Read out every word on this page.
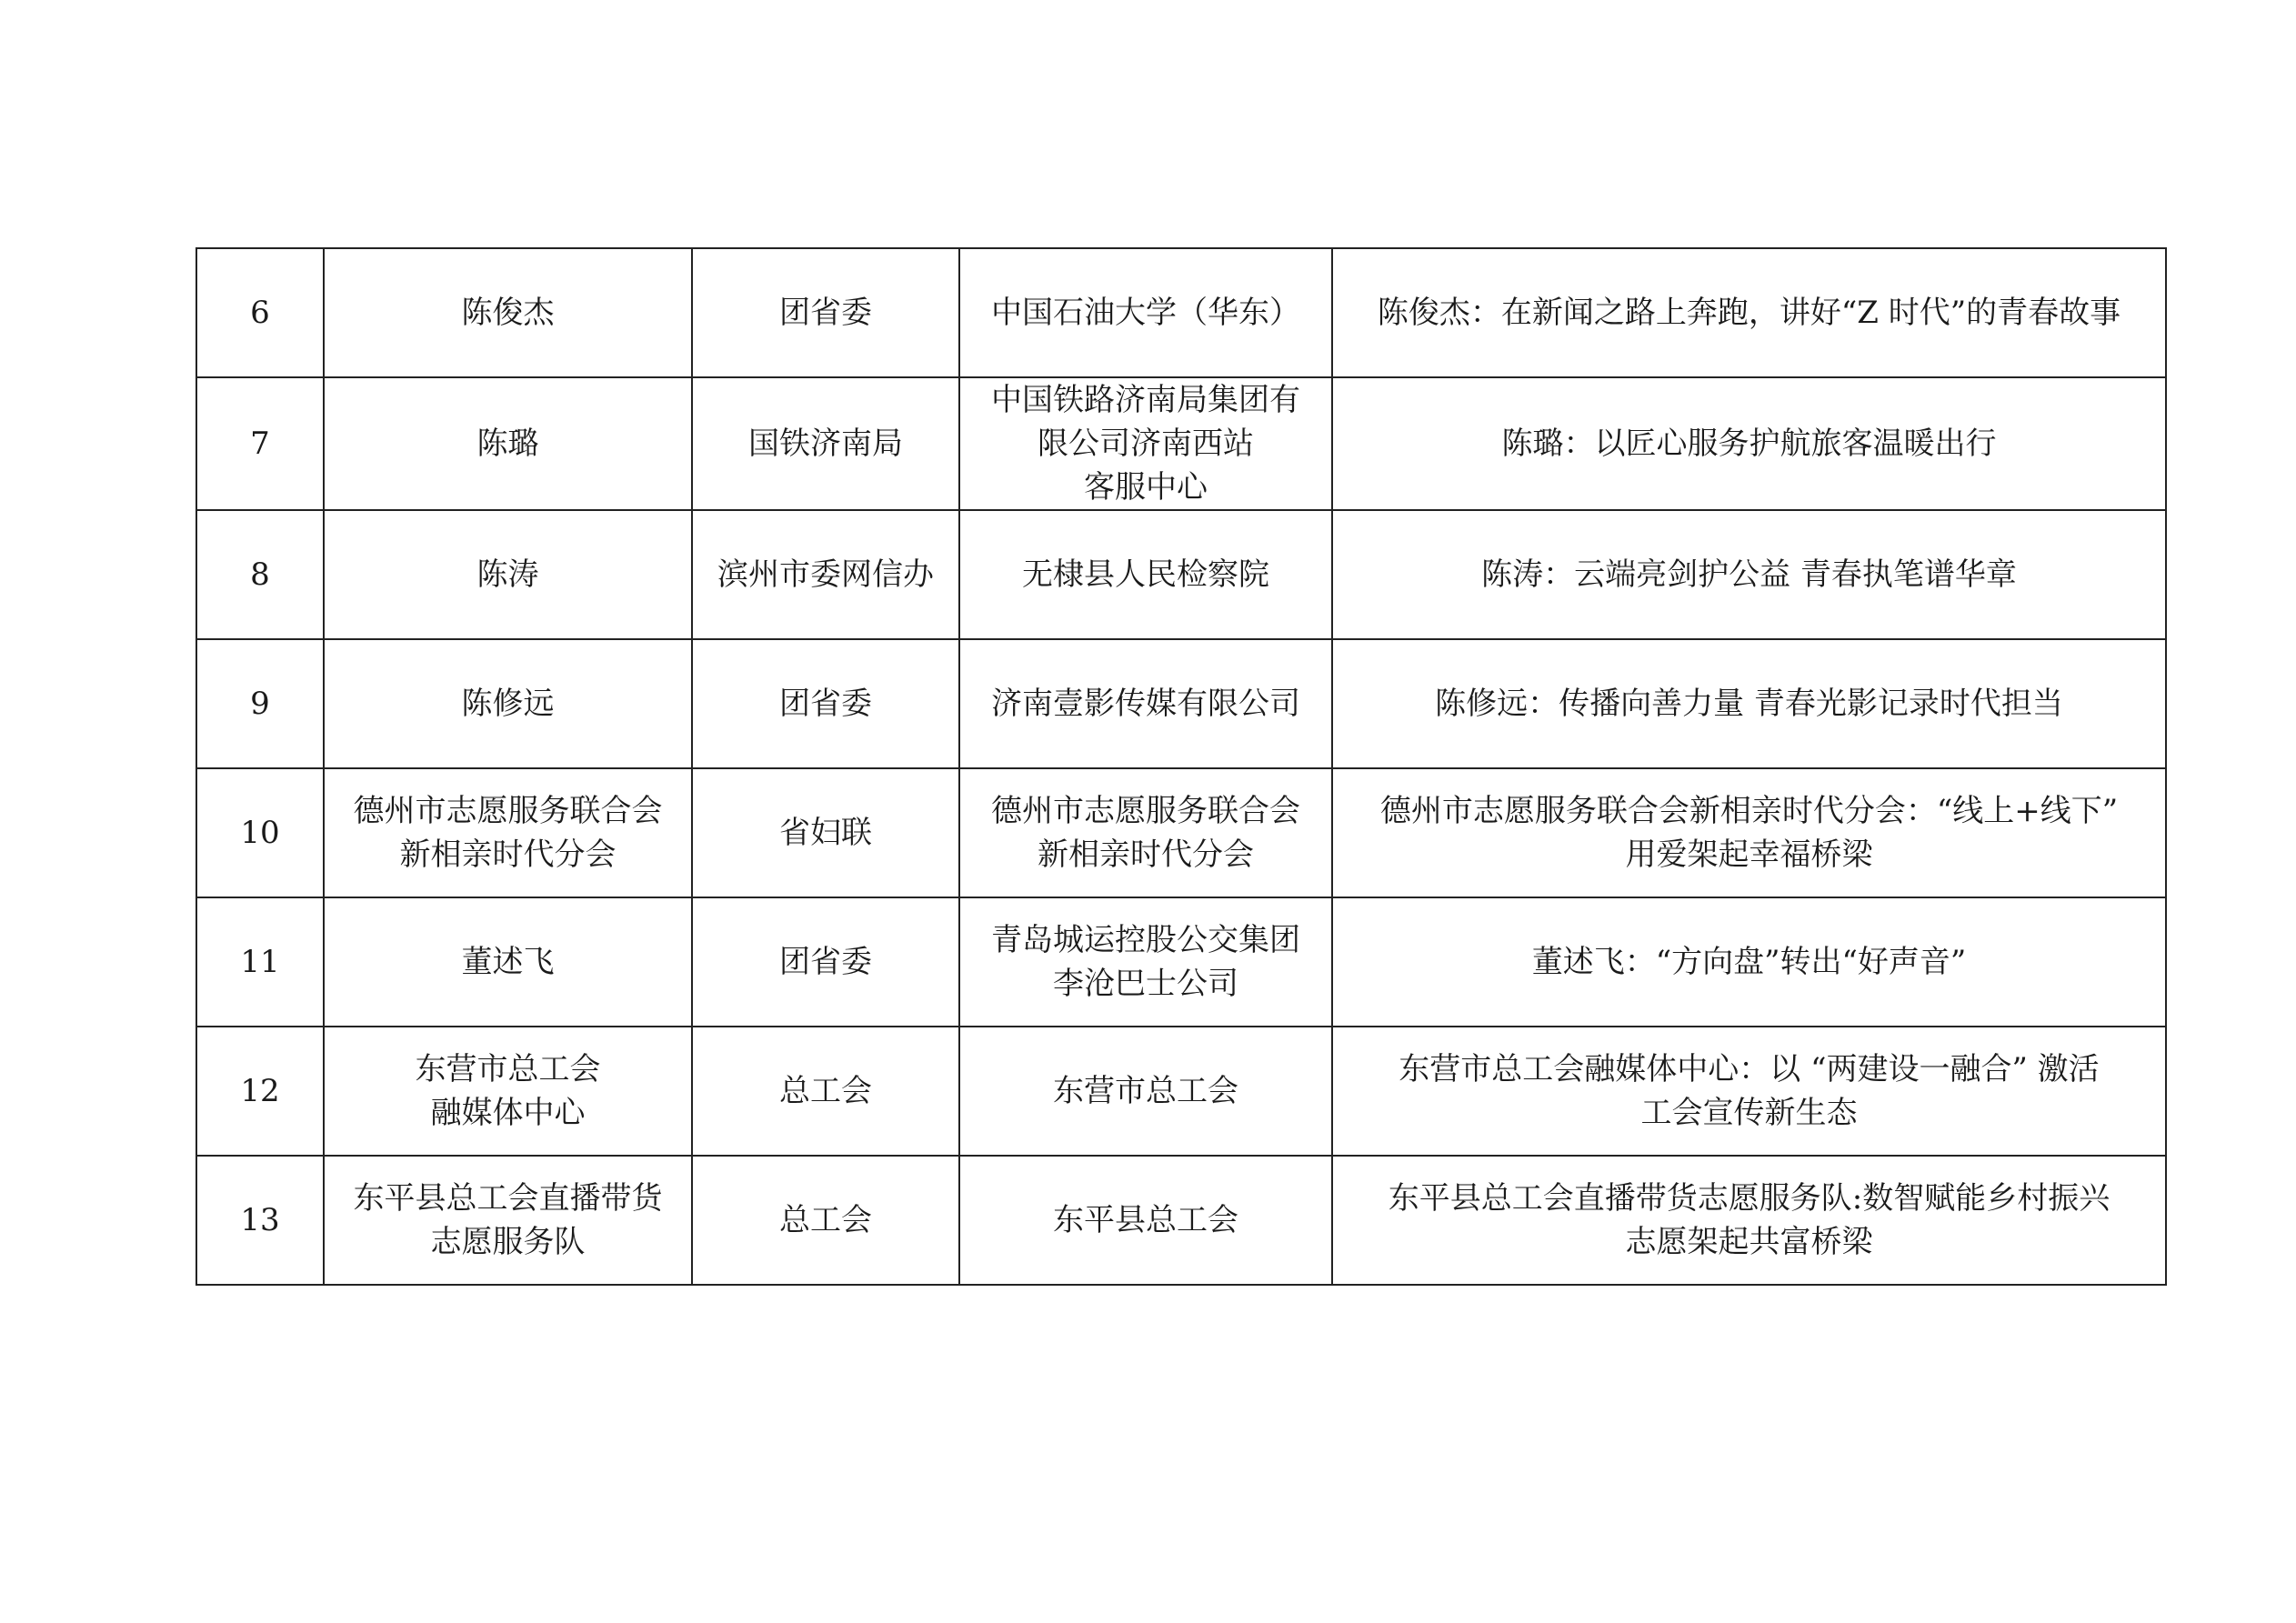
6	陈俊杰	团省委	中国石油大学（华东）	陈俊杰：在新闻之路上奔跑，讲好“Z 时代”的青春故事

7	陈璐	国铁济南局	中国铁路济南局集团有
限公司济南西站
客服中心	陈璐：以匠心服务护航旅客温暖出行

8	陈涛	滨州市委网信办	无棣县人民检察院	陈涛：云端亮剑护公益 青春执笔谱华章

9	陈修远	团省委	济南壹影传媒有限公司	陈修远：传播向善力量 青春光影记录时代担当

10	德州市志愿服务联合会
新相亲时代分会	省妇联	德州市志愿服务联合会
新相亲时代分会	德州市志愿服务联合会新相亲时代分会：“线上+线下”
用爱架起幸福桥梁

11	董述飞	团省委	青岛城运控股公交集团
李沧巴士公司	董述飞：“方向盘”转出“好声音”

12	东营市总工会
融媒体中心	总工会	东营市总工会	东营市总工会融媒体中心：以 “两建设一融合” 激活
工会宣传新生态

13	东平县总工会直播带货
志愿服务队	总工会	东平县总工会	东平县总工会直播带货志愿服务队:数智赋能乡村振兴
志愿架起共富桥梁
